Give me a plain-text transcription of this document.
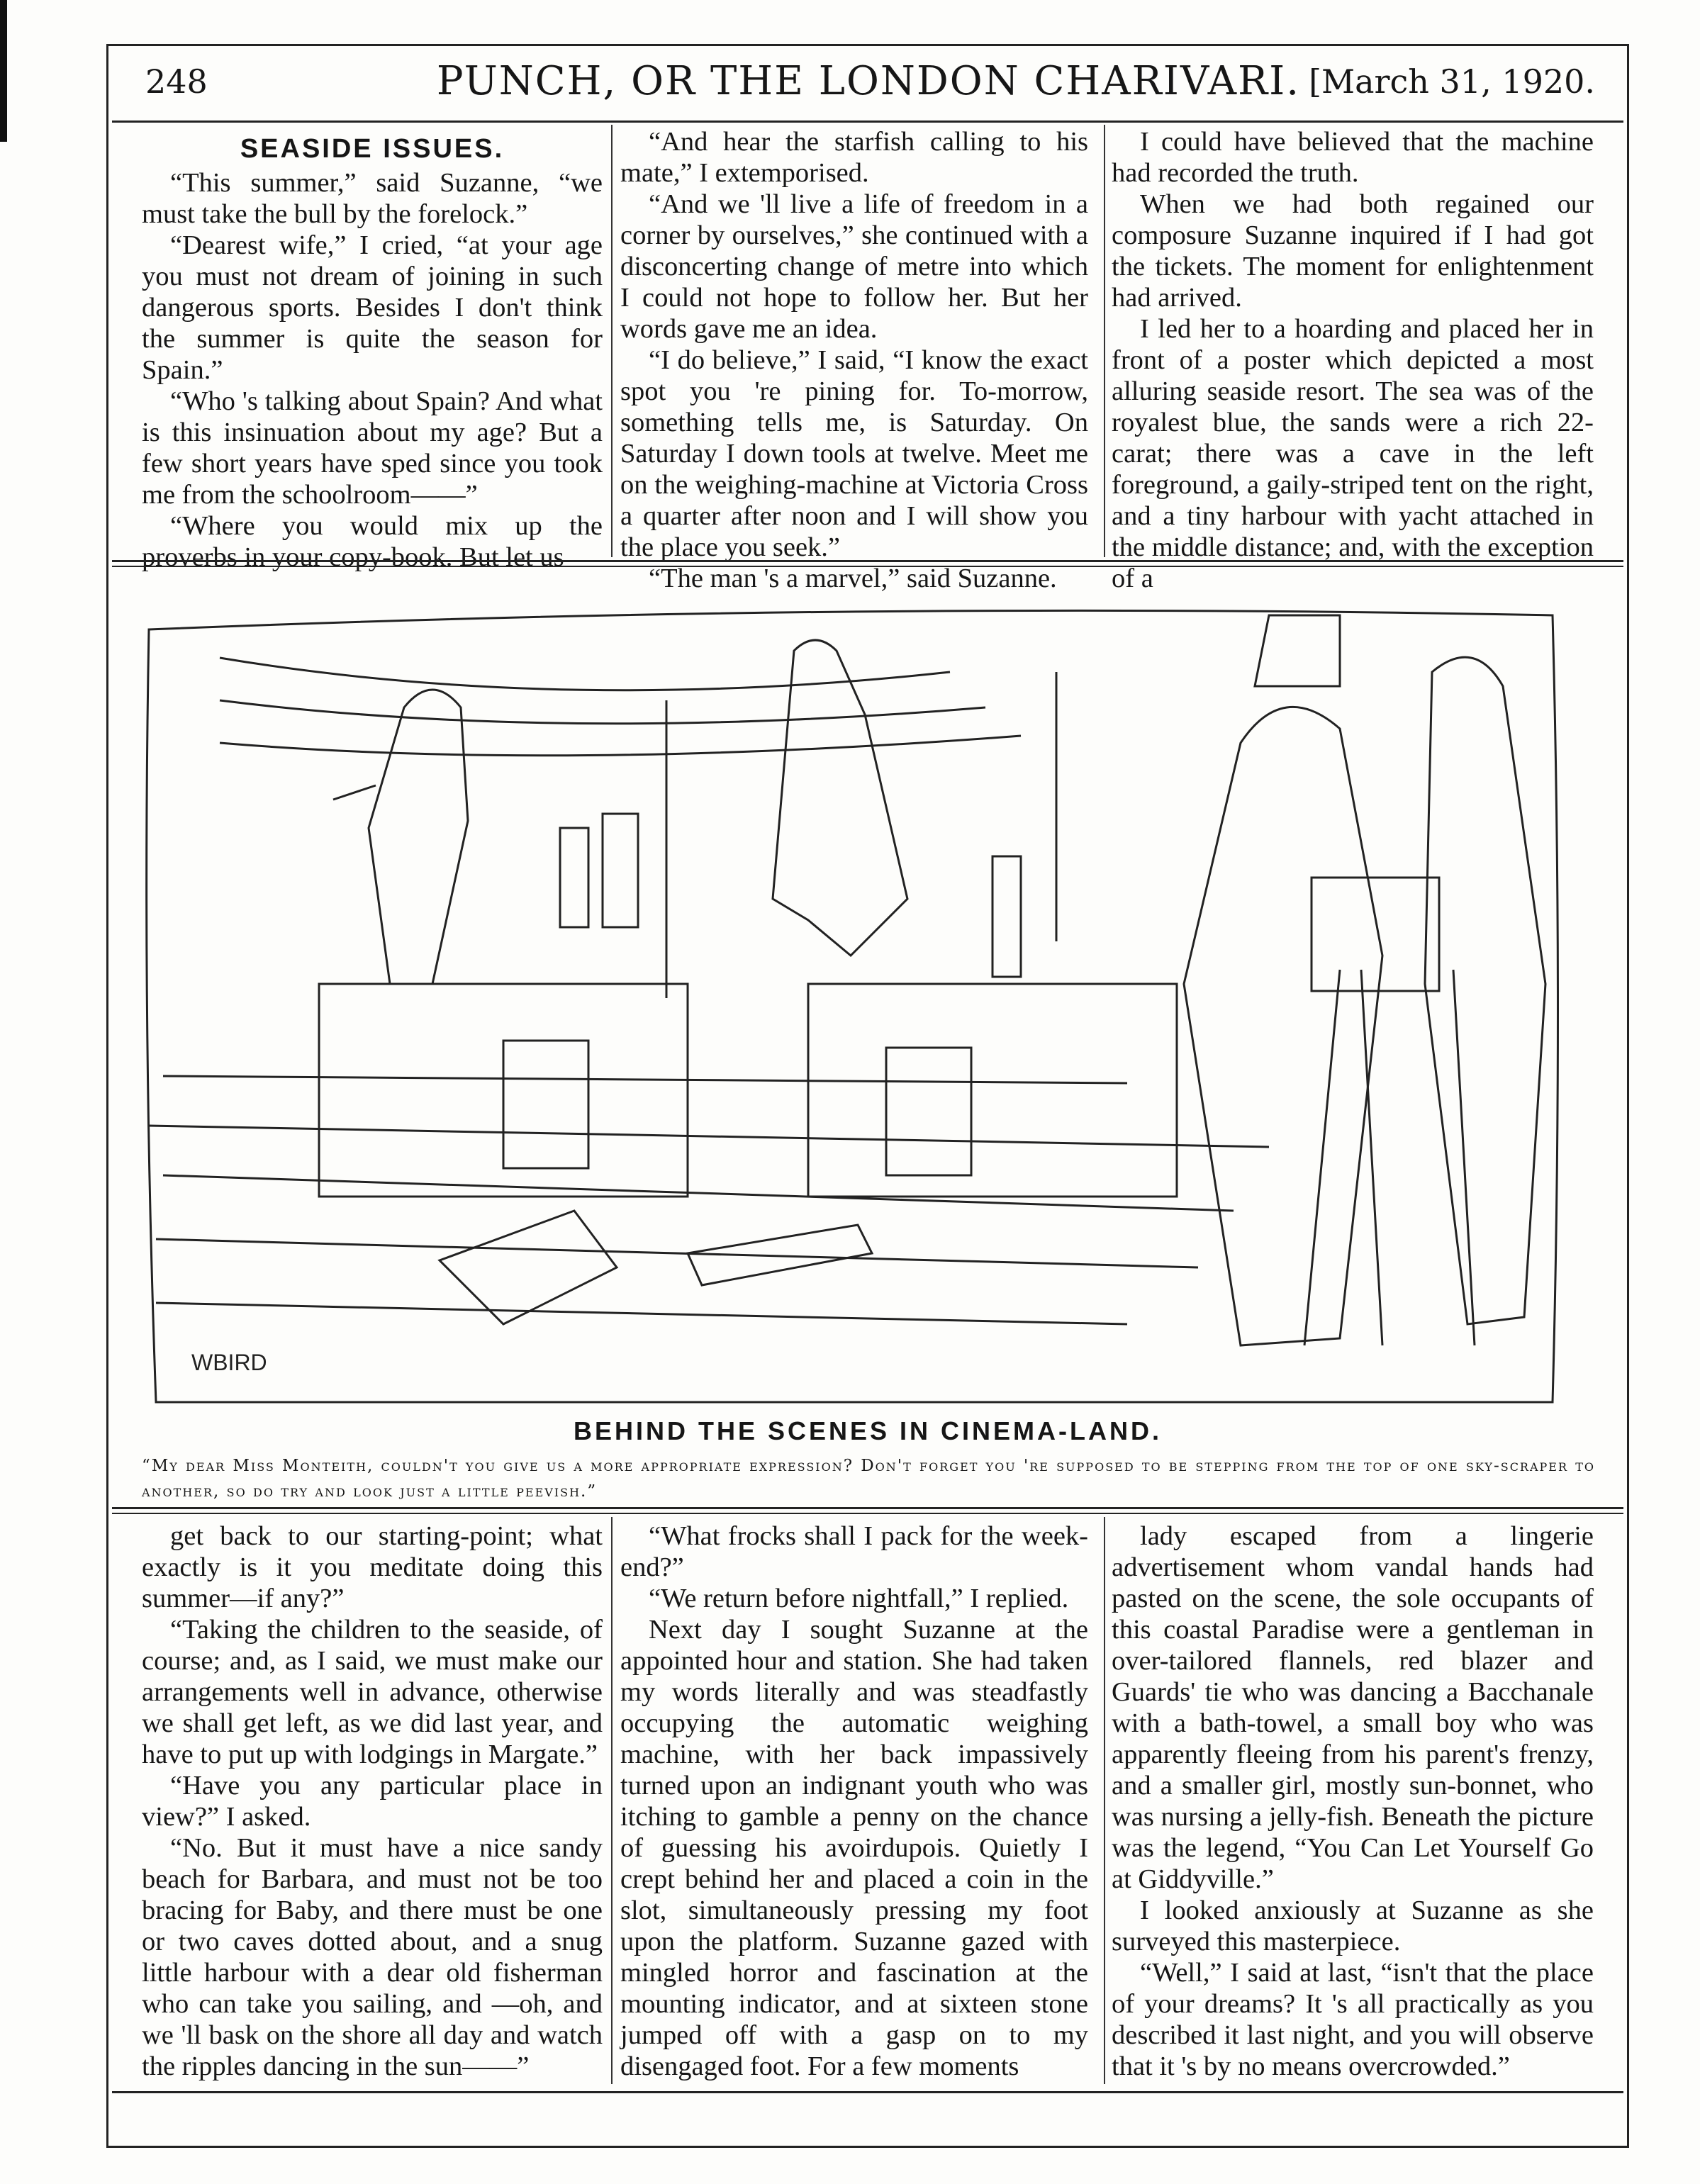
248	PUNCH, OR THE LONDON CHARIVARI. [March 31, 1920.
SEASIDE ISSUES.

“This summer,” said Suzanne, “we must take the bull by the forelock.”

“Dearest wife,” I cried, “at your age you must not dream of joining in such dangerous sports. Besides I don't think the summer is quite the season for Spain.”

“Who 's talking about Spain? And what is this insinuation about my age? But a few short years have sped since you took me from the schoolroom——”

“Where you would mix up the proverbs in your copy-book. But let us

“And hear the starfish calling to his mate,” I extemporised.

“And we 'll live a life of freedom in a corner by ourselves,” she continued with a disconcerting change of metre into which I could not hope to follow her. But her words gave me an idea.

“I do believe,” I said, “I know the exact spot you 're pining for. To-morrow, something tells me, is Saturday. On Saturday I down tools at twelve. Meet me on the weighing-machine at Victoria Cross a quarter after noon and I will show you the place you seek.”

“The man 's a marvel,” said Suzanne.

I could have believed that the machine had recorded the truth.

When we had both regained our composure Suzanne inquired if I had got the tickets. The moment for enlightenment had arrived.

I led her to a hoarding and placed her in front of a poster which depicted a most alluring seaside resort. The sea was of the royalest blue, the sands were a rich 22-carat; there was a cave in the left foreground, a gaily-striped tent on the right, and a tiny harbour with yacht attached in the middle distance; and, with the exception of a

WBIRD
BEHIND THE SCENES IN CINEMA-LAND.
“My dear Miss Monteith, couldn't you give us a more appropriate expression? Don't forget you 're supposed to be stepping from the top of one sky-scraper to another, so do try and look just a little peevish.”

get back to our starting-point; what exactly is it you meditate doing this summer—if any?”

“Taking the children to the seaside, of course; and, as I said, we must make our arrangements well in advance, otherwise we shall get left, as we did last year, and have to put up with lodgings in Margate.”

“Have you any particular place in view?” I asked.

“No. But it must have a nice sandy beach for Barbara, and must not be too bracing for Baby, and there must be one or two caves dotted about, and a snug little harbour with a dear old fisherman who can take you sailing, and —oh, and we 'll bask on the shore all day and watch the ripples dancing in the sun——”

“What frocks shall I pack for the week-end?”

“We return before nightfall,” I replied.

Next day I sought Suzanne at the appointed hour and station. She had taken my words literally and was steadfastly occupying the automatic weighing machine, with her back impassively turned upon an indignant youth who was itching to gamble a penny on the chance of guessing his avoirdupois. Quietly I crept behind her and placed a coin in the slot, simultaneously pressing my foot upon the platform. Suzanne gazed with mingled horror and fascination at the mounting indicator, and at sixteen stone jumped off with a gasp on to my disengaged foot. For a few moments

lady escaped from a lingerie advertisement whom vandal hands had pasted on the scene, the sole occupants of this coastal Paradise were a gentleman in over-tailored flannels, red blazer and Guards' tie who was dancing a Bacchanale with a bath-towel, a small boy who was apparently fleeing from his parent's frenzy, and a smaller girl, mostly sun-bonnet, who was nursing a jelly-fish. Beneath the picture was the legend, “You Can Let Yourself Go at Giddyville.”

I looked anxiously at Suzanne as she surveyed this masterpiece.

“Well,” I said at last, “isn't that the place of your dreams? It 's all practically as you described it last night, and you will observe that it 's by no means overcrowded.”
